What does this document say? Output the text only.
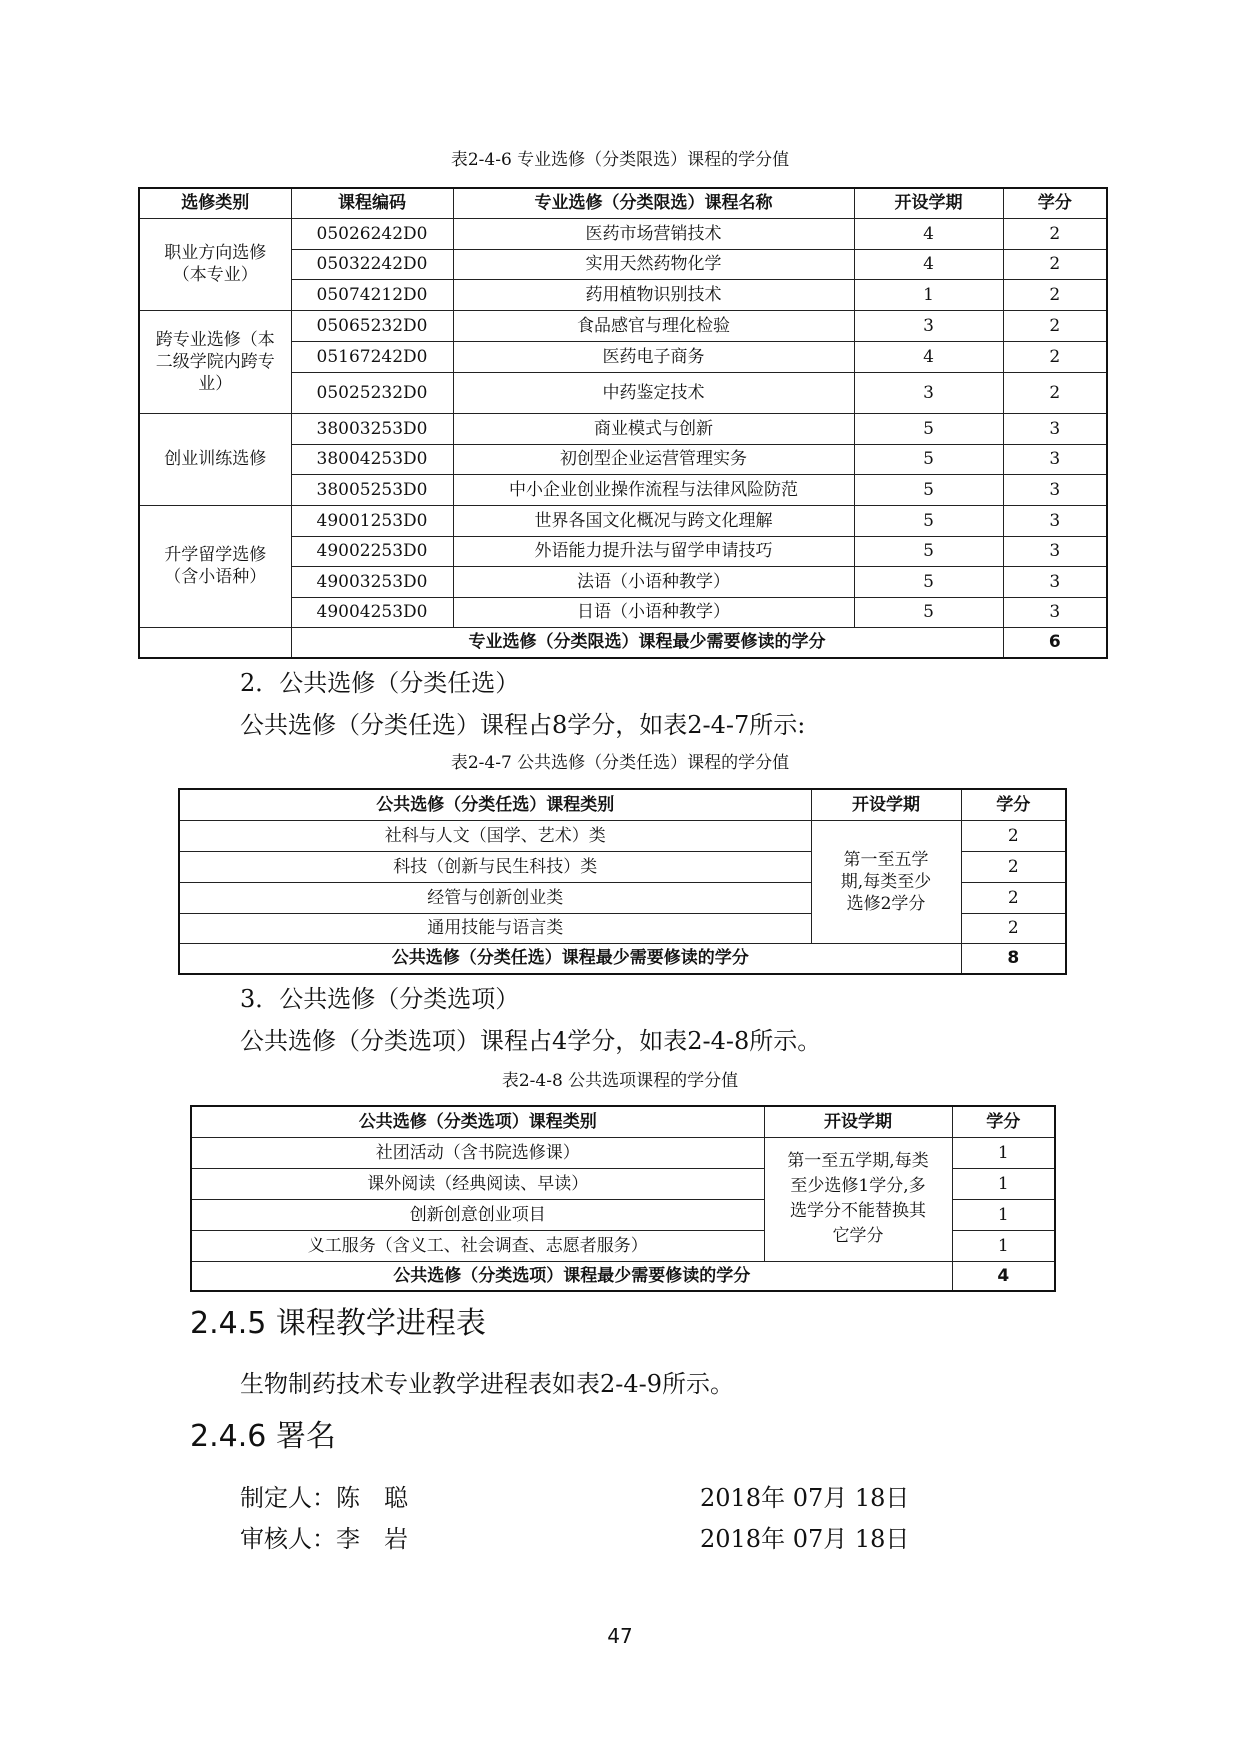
表2-4-6 专业选修（分类限选）课程的学分值
选修类别	课程编码	专业选修（分类限选）课程名称	开设学期	学分
职业方向选修（本专业）	05026242D0	医药市场营销技术	4	2
	05032242D0	实用天然药物化学	4	2
	05074212D0	药用植物识别技术	1	2
跨专业选修（本二级学院内跨专业）	05065232D0	食品感官与理化检验	3	2
	05167242D0	医药电子商务	4	2
	05025232D0	中药鉴定技术	3	2
创业训练选修	38003253D0	商业模式与创新	5	3
	38004253D0	初创型企业运营管理实务	5	3
	38005253D0	中小企业创业操作流程与法律风险防范	5	3
升学留学选修（含小语种）	49001253D0	世界各国文化概况与跨文化理解	5	3
	49002253D0	外语能力提升法与留学申请技巧	5	3
	49003253D0	法语（小语种教学）	5	3
	49004253D0	日语（小语种教学）	5	3
	专业选修（分类限选）课程最少需要修读的学分			6
2．公共选修（分类任选）
公共选修（分类任选）课程占8学分，如表2-4-7所示:
表2-4-7 公共选修（分类任选）课程的学分值
公共选修（分类任选）课程类别	开设学期	学分
社科与人文（国学、艺术）类	第一至五学期,每类至少选修2学分	2
科技（创新与民生科技）类		2
经管与创新创业类		2
通用技能与语言类		2
公共选修（分类任选）课程最少需要修读的学分		8
3．公共选修（分类选项）
公共选修（分类选项）课程占4学分，如表2-4-8所示。
表2-4-8 公共选项课程的学分值
公共选修（分类选项）课程类别	开设学期	学分
社团活动（含书院选修课）	第一至五学期,每类至少选修1学分,多选学分不能替换其它学分	1
课外阅读（经典阅读、早读）		1
创新创意创业项目		1
义工服务（含义工、社会调查、志愿者服务）		1
公共选修（分类选项）课程最少需要修读的学分		4
2.4.5 课程教学进程表
生物制药技术专业教学进程表如表2-4-9所示。
2.4.6 署名
制定人：陈　聪	2018年 07月 18日
审核人：李　岩	2018年 07月 18日
47
